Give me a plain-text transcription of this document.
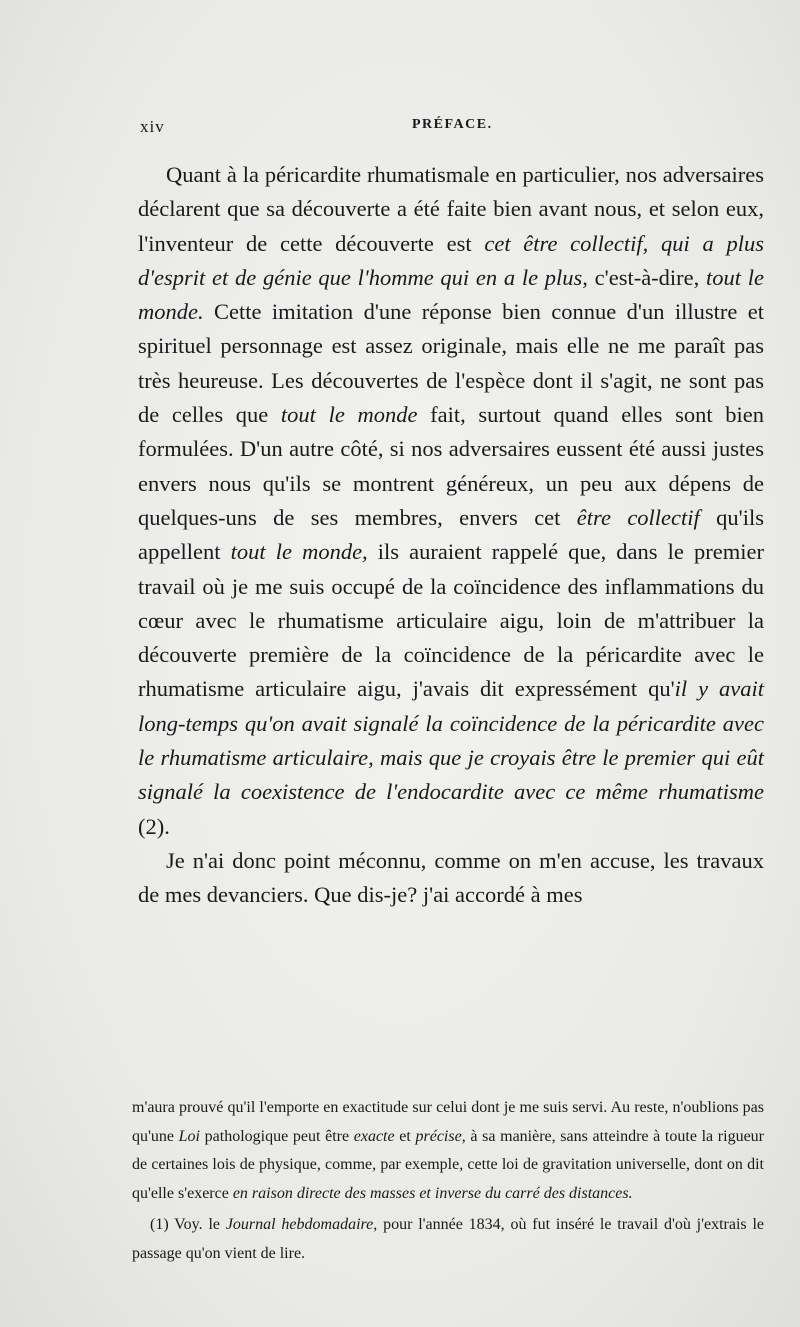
xiv	PRÉFACE.

Quant à la péricardite rhumatismale en particulier, nos adversaires déclarent que sa découverte a été faite bien avant nous, et selon eux, l'inventeur de cette découverte est cet être collectif, qui a plus d'esprit et de génie que l'homme qui en a le plus, c'est-à-dire, tout le monde. Cette imitation d'une réponse bien connue d'un illustre et spirituel personnage est assez originale, mais elle ne me paraît pas très heureuse. Les découvertes de l'espèce dont il s'agit, ne sont pas de celles que tout le monde fait, surtout quand elles sont bien formulées. D'un autre côté, si nos adversaires eussent été aussi justes envers nous qu'ils se montrent généreux, un peu aux dépens de quelques-uns de ses membres, envers cet être collectif qu'ils appellent tout le monde, ils auraient rappelé que, dans le premier travail où je me suis occupé de la coïncidence des inflammations du cœur avec le rhumatisme articulaire aigu, loin de m'attribuer la découverte première de la coïncidence de la péricardite avec le rhumatisme articulaire aigu, j'avais dit expressément qu'il y avait long-temps qu'on avait signalé la coïncidence de la péricardite avec le rhumatisme articulaire, mais que je croyais être le premier qui eût signalé la coexistence de l'endocardite avec ce même rhumatisme (2).

Je n'ai donc point méconnu, comme on m'en accuse, les travaux de mes devanciers. Que dis-je? j'ai accordé à mes

m'aura prouvé qu'il l'emporte en exactitude sur celui dont je me suis servi. Au reste, n'oublions pas qu'une Loi pathologique peut être exacte et précise, à sa manière, sans atteindre à toute la rigueur de certaines lois de physique, comme, par exemple, cette loi de gravitation universelle, dont on dit qu'elle s'exerce en raison directe des masses et inverse du carré des distances.

(1) Voy. le Journal hebdomadaire, pour l'année 1834, où fut inséré le travail d'où j'extrais le passage qu'on vient de lire.
